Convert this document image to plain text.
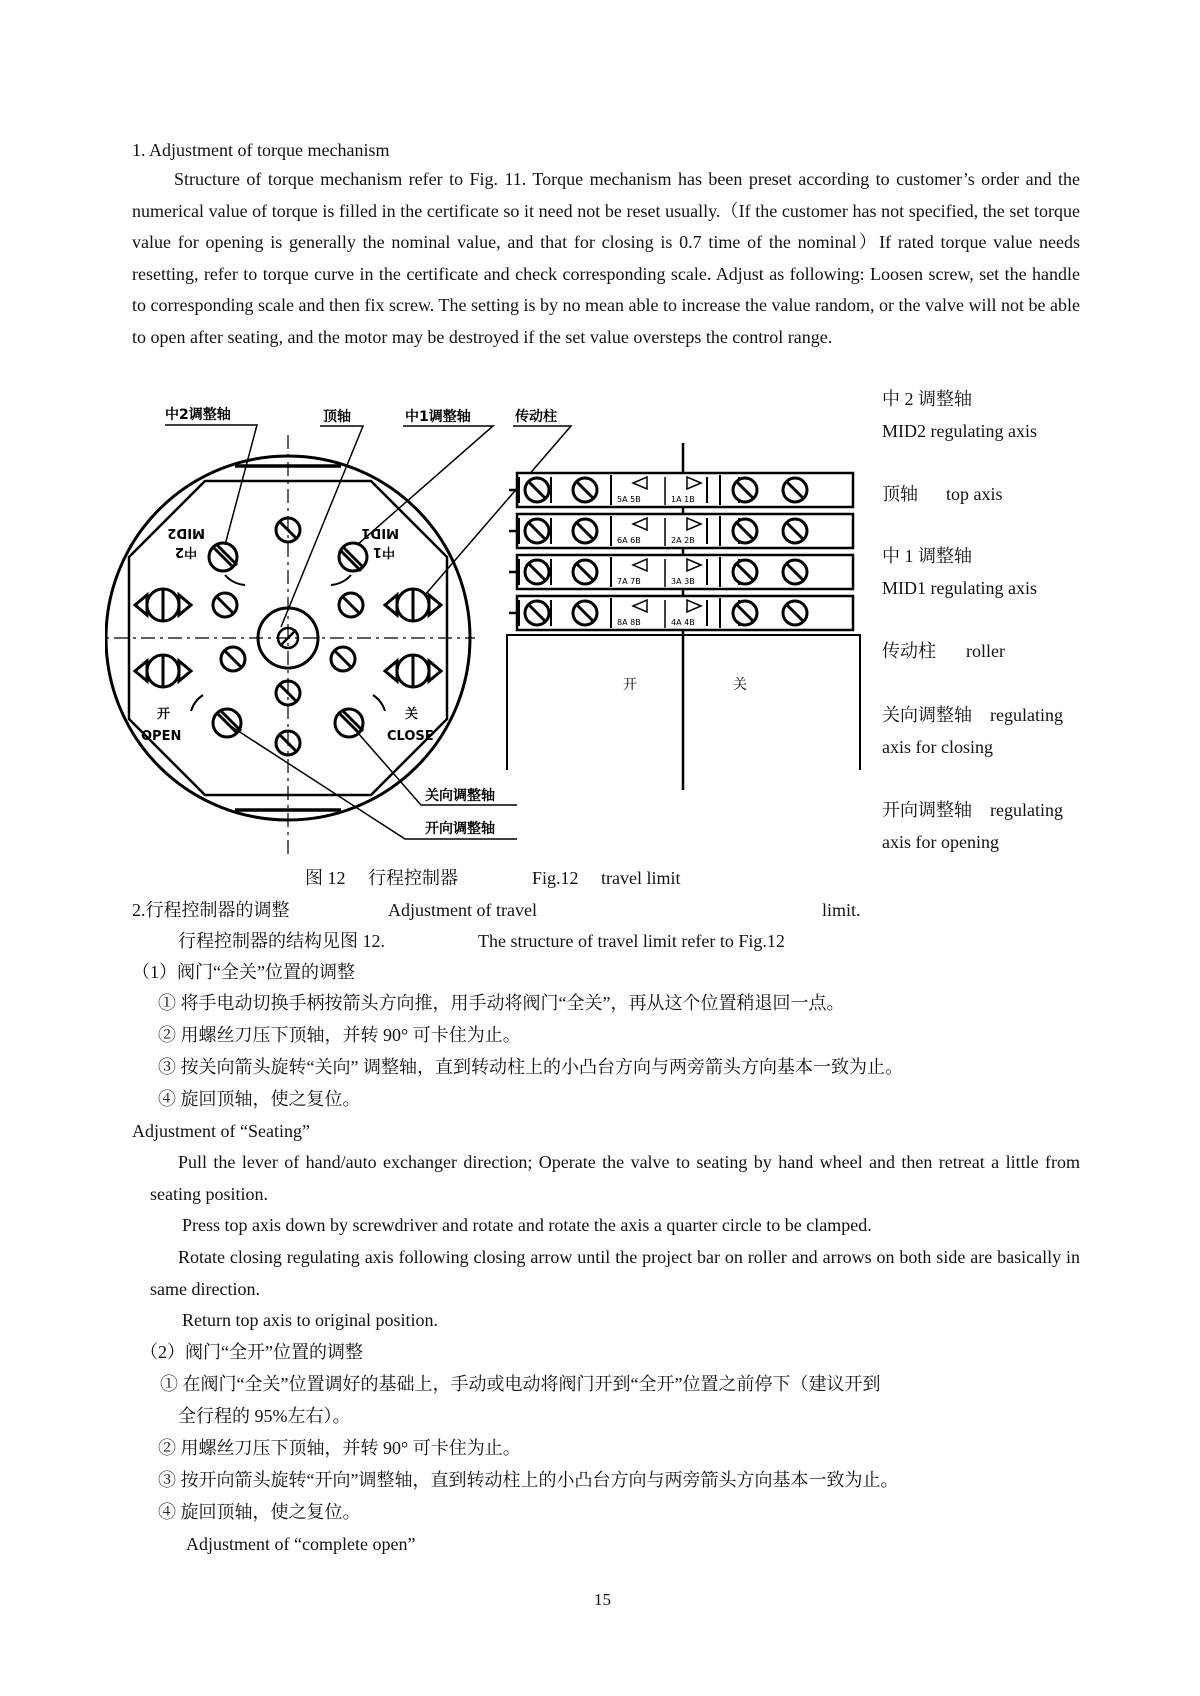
1. Adjustment of torque mechanism
Structure of torque mechanism refer to Fig. 11. Torque mechanism has been preset according to customer’s order and the numerical value of torque is filled in the certificate so it need not be reset usually.（If the customer has not specified, the set torque value for opening is generally the nominal value, and that for closing is 0.7 time of the nominal）If rated torque value needs resetting, refer to torque curve in the certificate and check corresponding scale. Adjust as following: Loosen screw, set the handle to corresponding scale and then fix screw. The setting is by no mean able to increase the value random, or the valve will not be able to open after seating, and the motor may be destroyed if the set value oversteps the control range.
MID2
中2
MID1
中1
开
OPEN
关
CLOSE
中2调整轴	顶轴	中1调整轴	传动柱
关向调整轴
开向调整轴
5A 5B	1A 1B
6A 6B	2A 2B
7A 7B	3A 3B
8A 8B	4A 4B
开	关
中 2 调整轴
MID2 regulating axis
顶轴 top axis
中 1 调整轴
MID1 regulating axis
传动柱 roller
关向调整轴 regulating
axis for closing
开向调整轴 regulating
axis for opening
图 12　 行程控制器	Fig.12　 travel limit
2.行程控制器的调整	Adjustment of travel	limit.
行程控制器的结构见图 12.	The structure of travel limit refer to Fig.12
（1）阀门“全关”位置的调整
① 将手电动切换手柄按箭头方向推，用手动将阀门“全关”，再从这个位置稍退回一点。
② 用螺丝刀压下顶轴，并转 90° 可卡住为止。
③ 按关向箭头旋转“关向” 调整轴，直到转动柱上的小凸台方向与两旁箭头方向基本一致为止。
④ 旋回顶轴，使之复位。
Adjustment of “Seating”
Pull the lever of hand/auto exchanger direction; Operate the valve to seating by hand wheel and then retreat a little from seating position.
Press top axis down by screwdriver and rotate and rotate the axis a quarter circle to be clamped.
Rotate closing regulating axis following closing arrow until the project bar on roller and arrows on both side are basically in same direction.
Return top axis to original position.
（2）阀门“全开”位置的调整
① 在阀门“全关”位置调好的基础上，手动或电动将阀门开到“全开”位置之前停下（建议开到
全行程的 95%左右）。
② 用螺丝刀压下顶轴，并转 90° 可卡住为止。
③ 按开向箭头旋转“开向”调整轴，直到转动柱上的小凸台方向与两旁箭头方向基本一致为止。
④ 旋回顶轴，使之复位。
Adjustment of “complete open”
15
